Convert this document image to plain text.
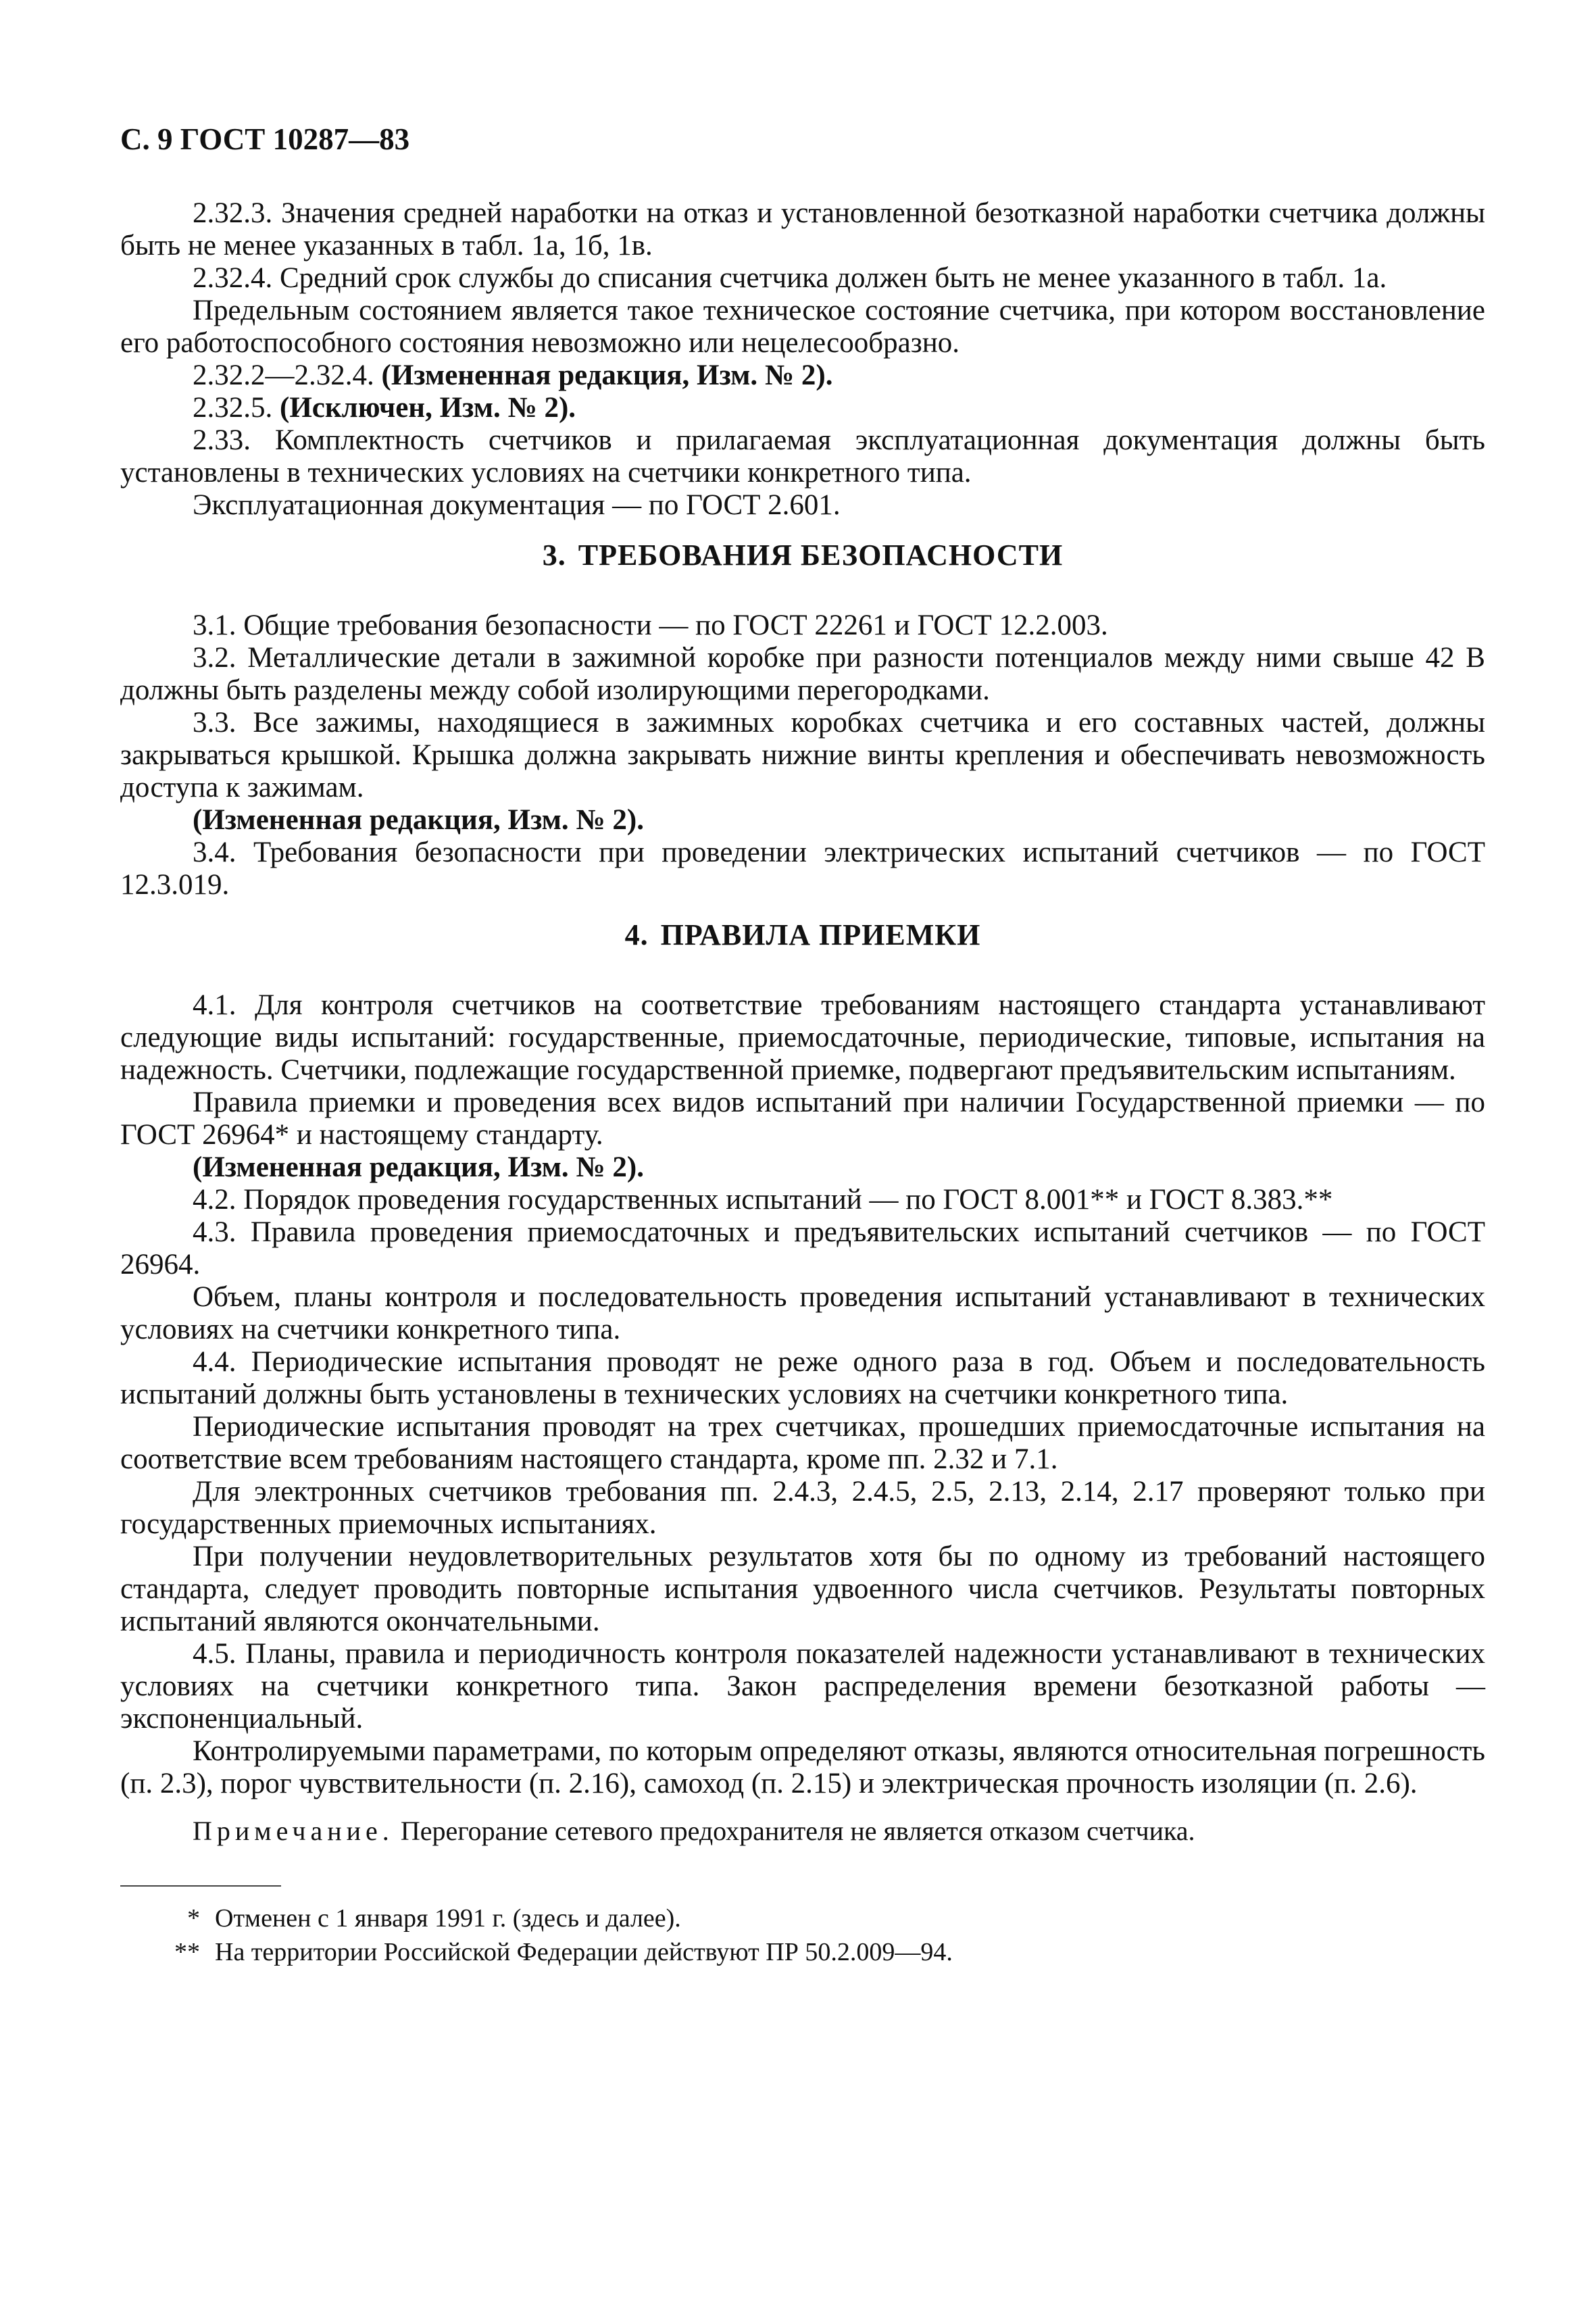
С. 9 ГОСТ 10287—83

2.32.3. Значения средней наработки на отказ и установленной безотказной наработки счетчика должны быть не менее указанных в табл. 1а, 1б, 1в.

2.32.4. Средний срок службы до списания счетчика должен быть не менее указанного в табл. 1а.

Предельным состоянием является такое техническое состояние счетчика, при котором восстановление его работоспособного состояния невозможно или нецелесообразно.

2.32.2—2.32.4. (Измененная редакция, Изм. № 2).

2.32.5. (Исключен, Изм. № 2).

2.33. Комплектность счетчиков и прилагаемая эксплуатационная документация должны быть установлены в технических условиях на счетчики конкретного типа.

Эксплуатационная документация — по ГОСТ 2.601.

3. ТРЕБОВАНИЯ БЕЗОПАСНОСТИ

3.1. Общие требования безопасности — по ГОСТ 22261 и ГОСТ 12.2.003.

3.2. Металлические детали в зажимной коробке при разности потенциалов между ними свыше 42 В должны быть разделены между собой изолирующими перегородками.

3.3. Все зажимы, находящиеся в зажимных коробках счетчика и его составных частей, должны закрываться крышкой. Крышка должна закрывать нижние винты крепления и обеспечивать невозможность доступа к зажимам.

(Измененная редакция, Изм. № 2).

3.4. Требования безопасности при проведении электрических испытаний счетчиков — по ГОСТ 12.3.019.

4. ПРАВИЛА ПРИЕМКИ

4.1. Для контроля счетчиков на соответствие требованиям настоящего стандарта устанавливают следующие виды испытаний: государственные, приемосдаточные, периодические, типовые, испытания на надежность. Счетчики, подлежащие государственной приемке, подвергают предъявительским испытаниям.

Правила приемки и проведения всех видов испытаний при наличии Государственной приемки — по ГОСТ 26964* и настоящему стандарту.

(Измененная редакция, Изм. № 2).

4.2. Порядок проведения государственных испытаний — по ГОСТ 8.001** и ГОСТ 8.383.**

4.3. Правила проведения приемосдаточных и предъявительских испытаний счетчиков — по ГОСТ 26964.

Объем, планы контроля и последовательность проведения испытаний устанавливают в технических условиях на счетчики конкретного типа.

4.4. Периодические испытания проводят не реже одного раза в год. Объем и последовательность испытаний должны быть установлены в технических условиях на счетчики конкретного типа.

Периодические испытания проводят на трех счетчиках, прошедших приемосдаточные испытания на соответствие всем требованиям настоящего стандарта, кроме пп. 2.32 и 7.1.

Для электронных счетчиков требования пп. 2.4.3, 2.4.5, 2.5, 2.13, 2.14, 2.17 проверяют только при государственных приемочных испытаниях.

При получении неудовлетворительных результатов хотя бы по одному из требований настоящего стандарта, следует проводить повторные испытания удвоенного числа счетчиков. Результаты повторных испытаний являются окончательными.

4.5. Планы, правила и периодичность контроля показателей надежности устанавливают в технических условиях на счетчики конкретного типа. Закон распределения времени безотказной работы — экспоненциальный.

Контролируемыми параметрами, по которым определяют отказы, являются относительная погрешность (п. 2.3), порог чувствительности (п. 2.16), самоход (п. 2.15) и электрическая прочность изоляции (п. 2.6).

Примечание. Перегорание сетевого предохранителя не является отказом счетчика.

* Отменен с 1 января 1991 г. (здесь и далее).
** На территории Российской Федерации действуют ПР 50.2.009—94.
